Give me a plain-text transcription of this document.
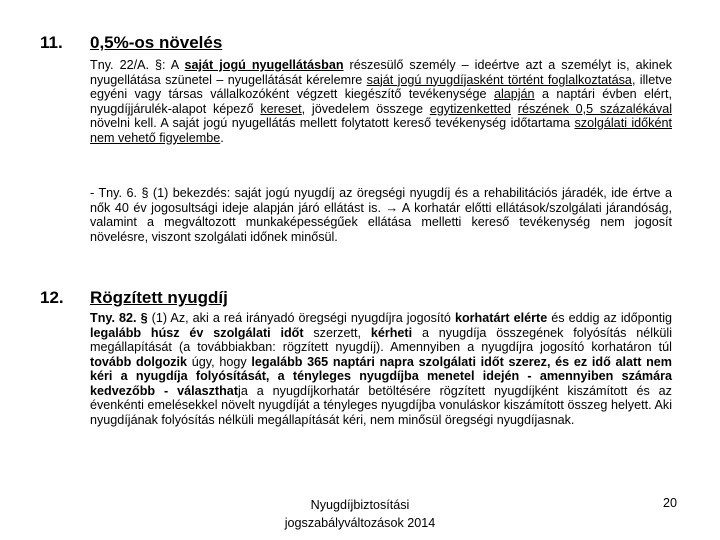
11. 0,5%-os növelés
Tny. 22/A. §: A saját jogú nyugellátásban részesülő személy – ideértve azt a személyt is, akinek nyugellátása szünetel – nyugellátását kérelemre saját jogú nyugdíjasként történt foglalkoztatása, illetve egyéni vagy társas vállalkozóként végzett kiegészítő tevékenysége alapján a naptári évben elért, nyugdíjjárulék-alapot képező kereset, jövedelem összege egytizenketted részének 0,5 százalékával növelni kell. A saját jogú nyugellátás mellett folytatott kereső tevékenység időtartama szolgálati időként nem vehető figyelembe.
- Tny. 6. § (1) bekezdés: saját jogú nyugdíj az öregségi nyugdíj és a rehabilitációs járadék, ide értve a nők 40 év jogosultsági ideje alapján járó ellátást is. → A korhatár előtti ellátások/szolgálati járandóság, valamint a megváltozott munkaképességűek ellátása melletti kereső tevékenység nem jogosít növelésre, viszont szolgálati időnek minősül.
12. Rögzített nyugdíj
Tny. 82. § (1) Az, aki a reá irányadó öregségi nyugdíjra jogosító korhatárt elérte és eddig az időpontig legalább húsz év szolgálati időt szerzett, kérheti a nyugdíja összegének folyósítás nélküli megállapítását (a továbbiakban: rögzített nyugdíj). Amennyiben a nyugdíjra jogosító korhatáron túl tovább dolgozik úgy, hogy legalább 365 naptári napra szolgálati időt szerez, és ez idő alatt nem kéri a nyugdíja folyósítását, a tényleges nyugdíjba menetel idején - amennyiben számára kedvezőbb - választhatja a nyugdíjkorhatár betöltésére rögzített nyugdíjként kiszámított és az évenkénti emelésekkel növelt nyugdíját a tényleges nyugdíjba vonuláskor kiszámított összeg helyett. Aki nyugdíjának folyósítás nélküli megállapítását kéri, nem minősül öregségi nyugdíjasnak.
Nyugdíjbiztosítási
jogszabályváltozások 2014
20
